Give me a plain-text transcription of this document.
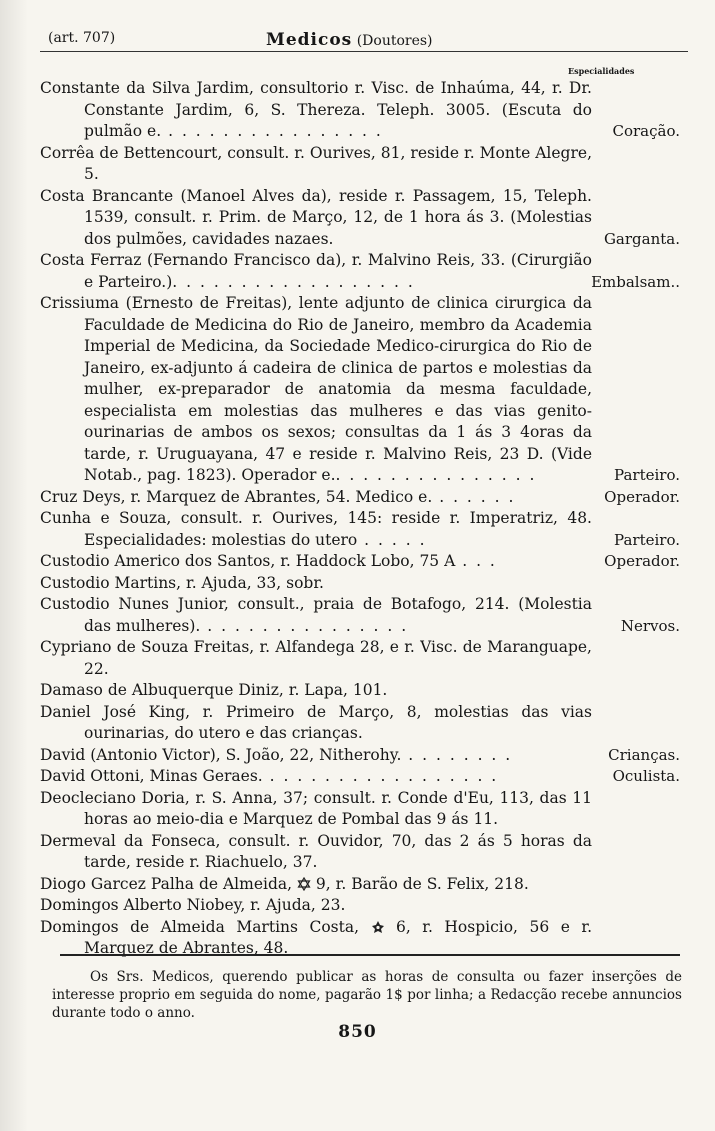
(art. 707)	Medicos (Doutores)
Especialidades
Constante da Silva Jardim, consultorio r. Visc. de Inhaúma, 44, r. Dr. Constante Jardim, 6, S. Thereza. Teleph. 3005. (Escuta do pulmão e. . . . . . . . . . . . . . . . .	Coração.
Corrêa de Bettencourt, consult. r. Ourives, 81, reside r. Monte Alegre, 5.
Costa Brancante (Manoel Alves da), reside r. Passagem, 15, Teleph. 1539, consult. r. Prim. de Março, 12, de 1 hora ás 3. (Molestias dos pulmões, cavidades nazaes.	Garganta.
Costa Ferraz (Fernando Francisco da), r. Malvino Reis, 33. (Cirurgião e Parteiro.). . . . . . . . . . . . . . . . . .	Embalsam..
Crissiuma (Ernesto de Freitas), lente adjunto de clinica cirurgica da Faculdade de Medicina do Rio de Janeiro, membro da Academia Imperial de Medicina, da Sociedade Medico-cirurgica do Rio de Janeiro, ex-adjunto á cadeira de clinica de partos e molestias da mulher, ex-preparador de anatomia da mesma faculdade, especialista em molestias das mulheres e das vias genito-ourinarias de ambos os sexos; consultas da 1 ás 3 4oras da tarde, r. Uruguayana, 47 e reside r. Malvino Reis, 23 D. (Vide Notab., pag. 1823). Operador e.. . . . . . . . . . . . . . .	Parteiro.
Cruz Deys, r. Marquez de Abrantes, 54. Medico e. . . . . . .	Operador.
Cunha e Souza, consult. r. Ourives, 145: reside r. Imperatriz, 48. Especialidades: molestias do utero . . . . .	Parteiro.
Custodio Americo dos Santos, r. Haddock Lobo, 75 A . . .	Operador.
Custodio Martins, r. Ajuda, 33, sobr.
Custodio Nunes Junior, consult., praia de Botafogo, 214. (Molestia das mulheres). . . . . . . . . . . . . . . .	Nervos.
Cypriano de Souza Freitas, r. Alfandega 28, e r. Visc. de Maranguape, 22.
Damaso de Albuquerque Diniz, r. Lapa, 101.
Daniel José King, r. Primeiro de Março, 8, molestias das vias ourinarias, do utero e das crianças.
David (Antonio Victor), S. João, 22, Nitherohy. . . . . . . . .	Crianças.
David Ottoni, Minas Geraes. . . . . . . . . . . . . . . . . .	Oculista.
Deocleciano Doria, r. S. Anna, 37; consult. r. Conde d'Eu, 113, das 11 horas ao meio-dia e Marquez de Pombal das 9 ás 11.
Dermeval da Fonseca, consult. r. Ouvidor, 70, das 2 ás 5 horas da tarde, reside r. Riachuelo, 37.
Diogo Garcez Palha de Almeida,  9, r. Barão de S. Felix, 218.
Domingos Alberto Niobey, r. Ajuda, 23.
Domingos de Almeida Martins Costa,  6, r. Hospicio, 56 e r. Marquez de Abrantes, 48.
Os Srs. Medicos, querendo publicar as horas de consulta ou fazer inserções de interesse proprio em seguida do nome, pagarão 1$ por linha; a Redacção recebe annuncios durante todo o anno.
850
